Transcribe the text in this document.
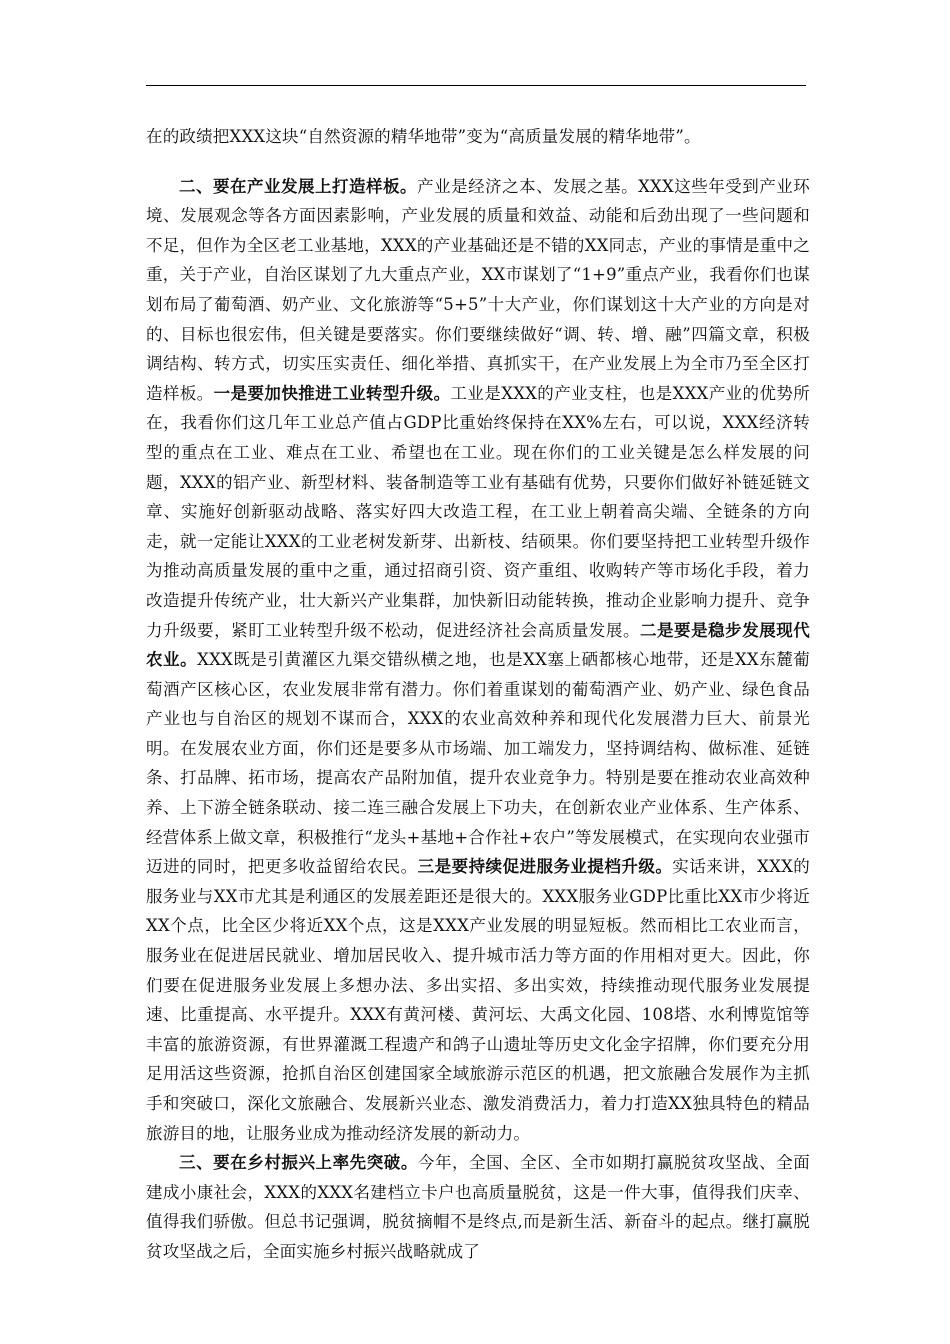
在的政绩把XXX这块“自然资源的精华地带”变为“高质量发展的精华地带”。

二、要在产业发展上打造样板。产业是经济之本、发展之基。XXX这些年受到产业环境、发展观念等各方面因素影响，产业发展的质量和效益、动能和后劲出现了一些问题和不足，但作为全区老工业基地，XXX的产业基础还是不错的XX同志，产业的事情是重中之重，关于产业，自治区谋划了九大重点产业，XX市谋划了“1+9”重点产业，我看你们也谋划布局了葡萄酒、奶产业、文化旅游等“5+5”十大产业，你们谋划这十大产业的方向是对的、目标也很宏伟，但关键是要落实。你们要继续做好“调、转、增、融”四篇文章，积极调结构、转方式，切实压实责任、细化举措、真抓实干，在产业发展上为全市乃至全区打造样板。一是要加快推进工业转型升级。工业是XXX的产业支柱，也是XXX产业的优势所在，我看你们这几年工业总产值占GDP比重始终保持在XX%左右，可以说，XXX经济转型的重点在工业、难点在工业、希望也在工业。现在你们的工业关键是怎么样发展的问题，XXX的铝产业、新型材料、装备制造等工业有基础有优势，只要你们做好补链延链文章、实施好创新驱动战略、落实好四大改造工程，在工业上朝着高尖端、全链条的方向走，就一定能让XXX的工业老树发新芽、出新枝、结硕果。你们要坚持把工业转型升级作为推动高质量发展的重中之重，通过招商引资、资产重组、收购转产等市场化手段，着力改造提升传统产业，壮大新兴产业集群，加快新旧动能转换，推动企业影响力提升、竞争力升级要，紧盯工业转型升级不松动，促进经济社会高质量发展。二是要是稳步发展现代农业。XXX既是引黄灌区九渠交错纵横之地，也是XX塞上硒都核心地带，还是XX东麓葡萄酒产区核心区，农业发展非常有潜力。你们着重谋划的葡萄酒产业、奶产业、绿色食品产业也与自治区的规划不谋而合，XXX的农业高效种养和现代化发展潜力巨大、前景光明。在发展农业方面，你们还是要多从市场端、加工端发力，坚持调结构、做标准、延链条、打品牌、拓市场，提高农产品附加值，提升农业竞争力。特别是要在推动农业高效种养、上下游全链条联动、接二连三融合发展上下功夫，在创新农业产业体系、生产体系、经营体系上做文章，积极推行“龙头+基地+合作社+农户”等发展模式，在实现向农业强市迈进的同时，把更多收益留给农民。三是要持续促进服务业提档升级。实话来讲，XXX的服务业与XX市尤其是利通区的发展差距还是很大的。XXX服务业GDP比重比XX市少将近XX个点，比全区少将近XX个点，这是XXX产业发展的明显短板。然而相比工农业而言，服务业在促进居民就业、增加居民收入、提升城市活力等方面的作用相对更大。因此，你们要在促进服务业发展上多想办法、多出实招、多出实效，持续推动现代服务业发展提速、比重提高、水平提升。XXX有黄河楼、黄河坛、大禹文化园、108塔、水利博览馆等丰富的旅游资源，有世界灌溉工程遗产和鸽子山遗址等历史文化金字招牌，你们要充分用足用活这些资源，抢抓自治区创建国家全域旅游示范区的机遇，把文旅融合发展作为主抓手和突破口，深化文旅融合、发展新兴业态、激发消费活力，着力打造XX独具特色的精品旅游目的地，让服务业成为推动经济发展的新动力。

三、要在乡村振兴上率先突破。今年，全国、全区、全市如期打赢脱贫攻坚战、全面建成小康社会，XXX的XXX名建档立卡户也高质量脱贫，这是一件大事，值得我们庆幸、值得我们骄傲。但总书记强调，脱贫摘帽不是终点,而是新生活、新奋斗的起点。继打赢脱贫攻坚战之后，全面实施乡村振兴战略就成了
